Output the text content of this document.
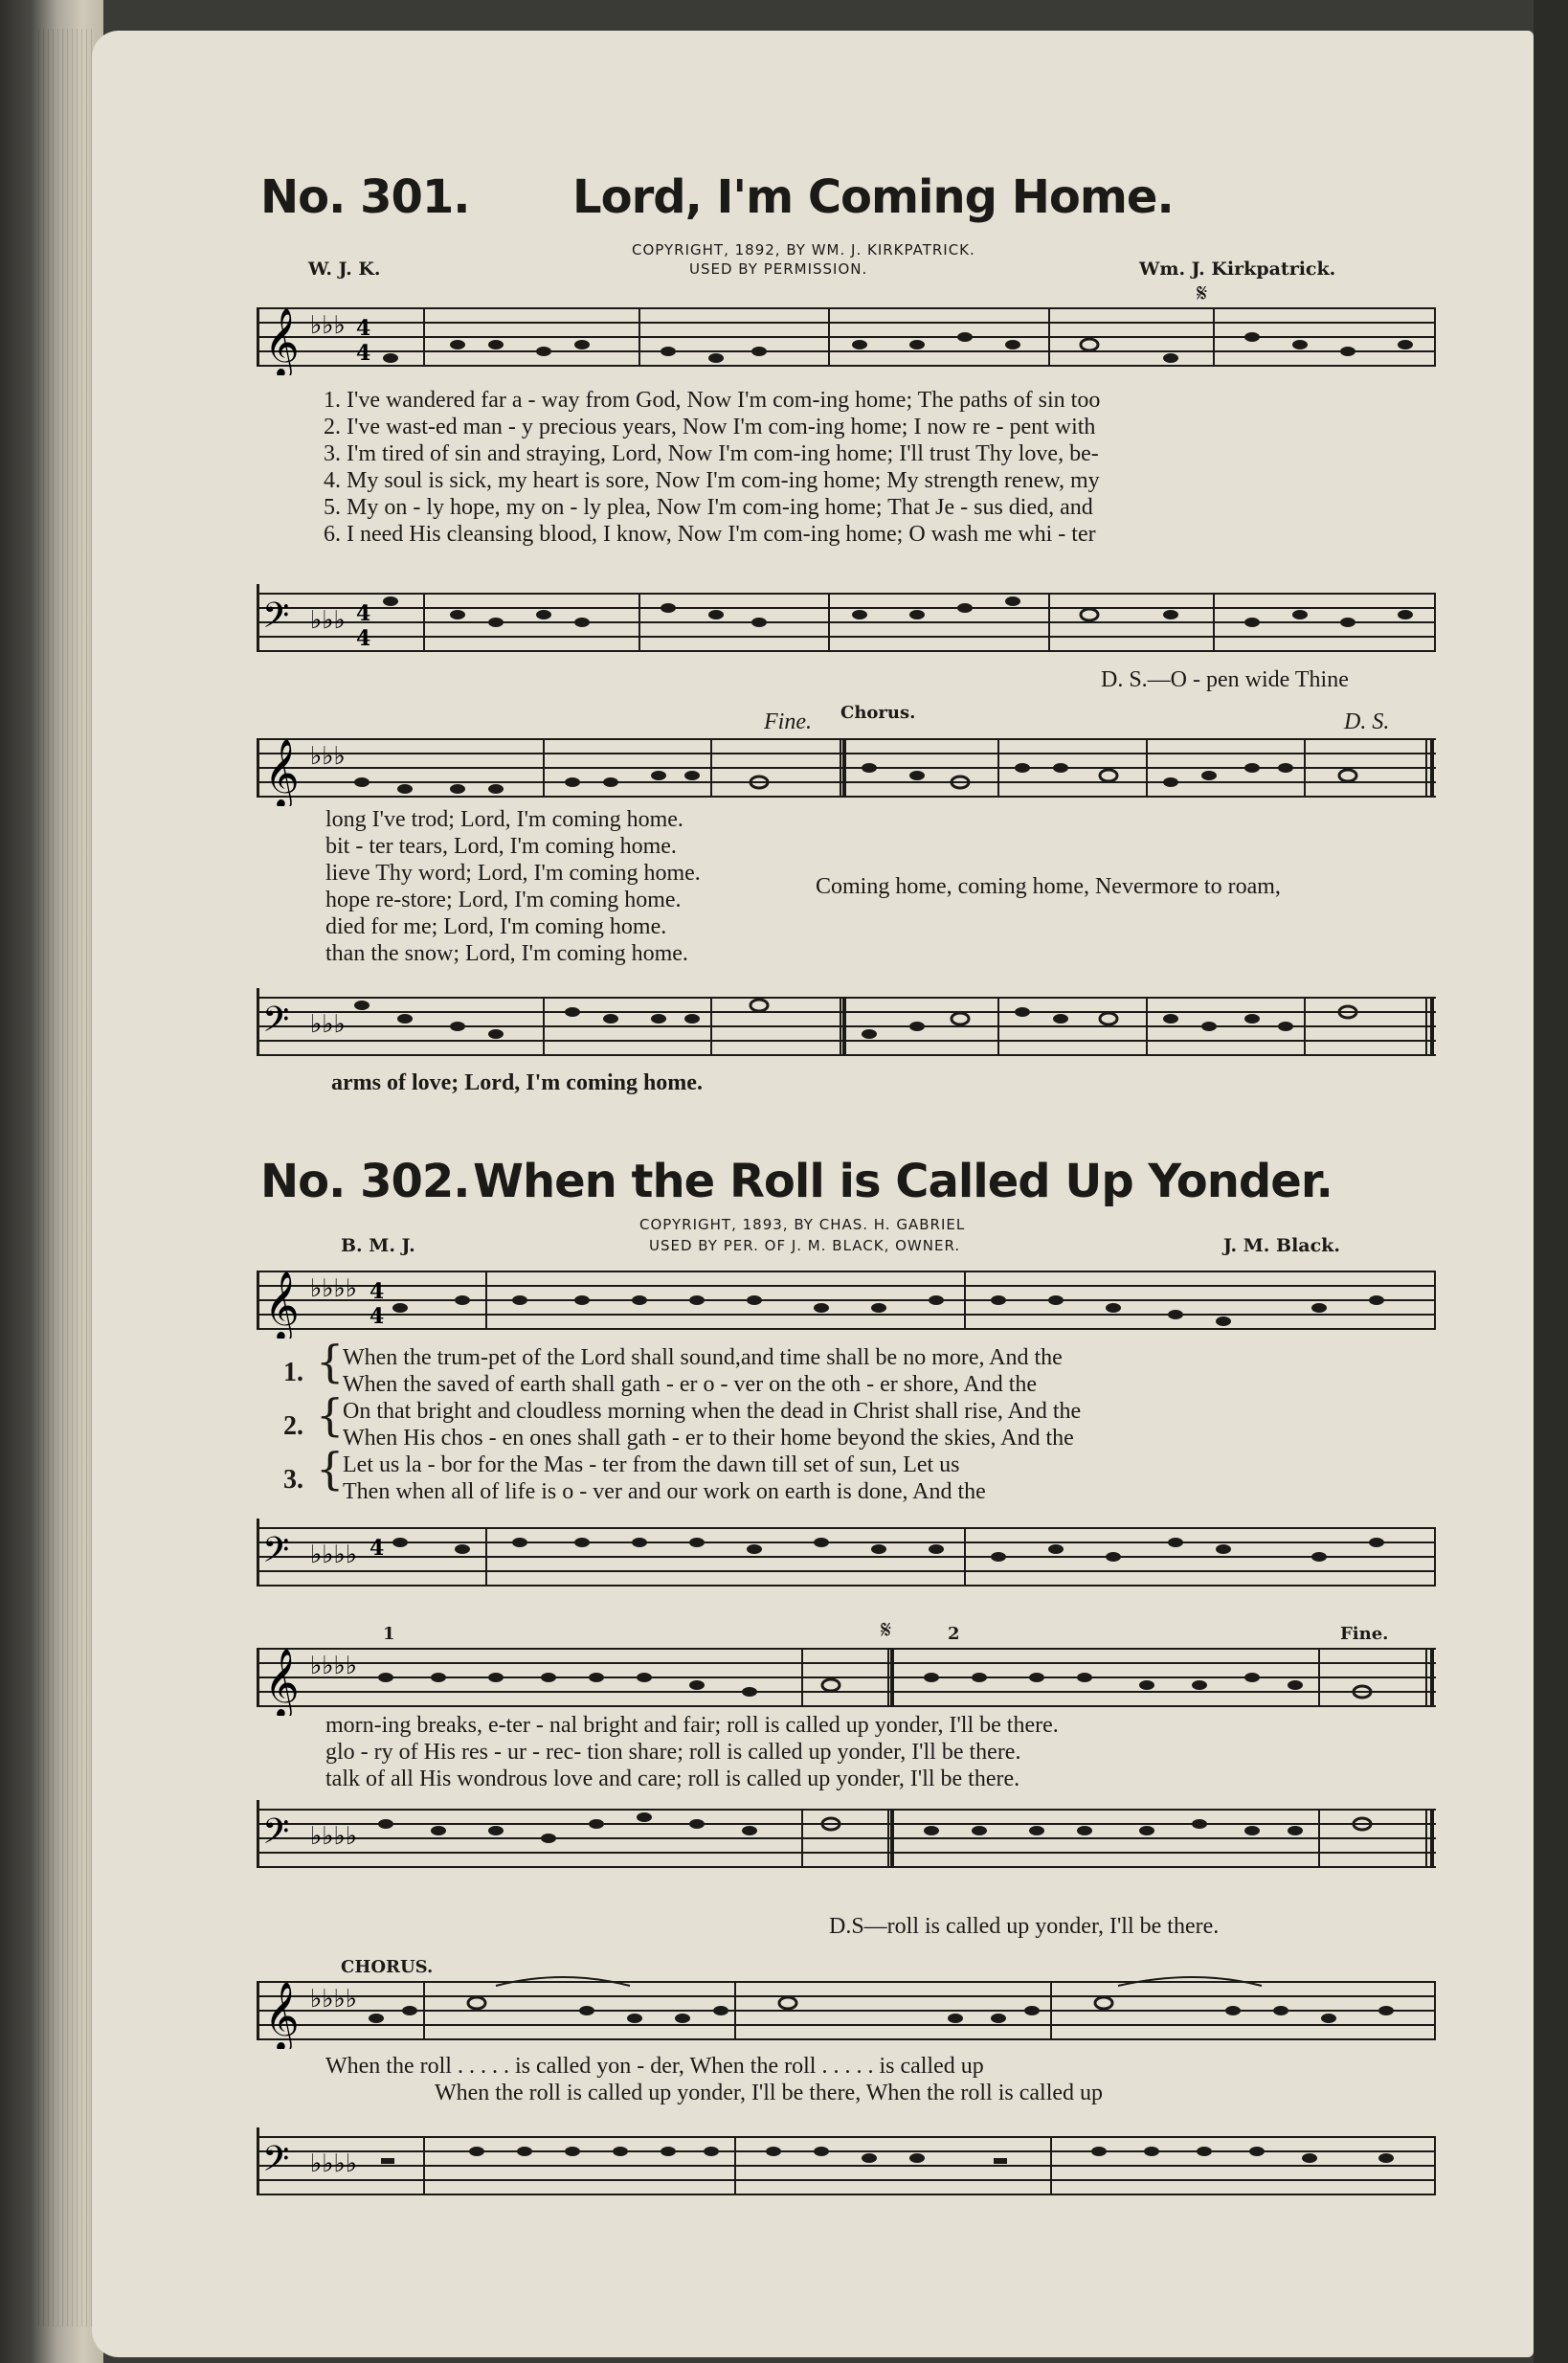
No. 301. Lord, I'm Coming Home.
COPYRIGHT, 1892, BY WM. J. KIRKPATRICK.
USED BY PERMISSION.
W. J. K.	Wm. J. Kirkpatrick.
𝄋
𝄞 ♭♭♭ 4
4
1. I've wandered far a - way from God, Now I'm com-ing home; The paths of sin too
2. I've wast-ed man - y precious years, Now I'm com-ing home; I now re - pent with
3. I'm tired of sin and straying, Lord, Now I'm com-ing home; I'll trust Thy love, be-
4. My soul is sick, my heart is sore, Now I'm com-ing home; My strength renew, my
5. My on - ly hope, my on - ly plea, Now I'm com-ing home; That Je - sus died, and
6. I need His cleansing blood, I know, Now I'm com-ing home; O wash me whi - ter
𝄢 ♭♭♭ 4
4
D. S.—O - pen wide Thine
Fine. Chorus.	D. S.
𝄞 ♭♭♭
long I've trod; Lord, I'm coming home.
bit - ter tears, Lord, I'm coming home.
lieve Thy word; Lord, I'm coming home.
hope re-store; Lord, I'm coming home.
died for me; Lord, I'm coming home.
than the snow; Lord, I'm coming home.
Coming home, coming home, Nevermore to roam,
𝄢 ♭♭♭
arms of love; Lord, I'm coming home.
No. 302. When the Roll is Called Up Yonder.
COPYRIGHT, 1893, BY CHAS. H. GABRIEL
USED BY PER. OF J. M. BLACK, OWNER.
B. M. J.	J. M. Black.
𝄞 ♭♭♭♭ 4
4
1.
2.
3.
{
{
{
When the trum-pet of the Lord shall sound,and time shall be no more, And the
When the saved of earth shall gath - er o - ver on the oth - er shore, And the
On that bright and cloudless morning when the dead in Christ shall rise, And the
When His chos - en ones shall gath - er to their home beyond the skies, And the
Let us la - bor for the Mas - ter from the dawn till set of sun, Let us
Then when all of life is o - ver and our work on earth is done, And the
𝄢 ♭♭♭♭ 4
1	𝄋	2	Fine.
𝄞 ♭♭♭♭
morn-ing breaks, e-ter - nal bright and fair; roll is called up yonder, I'll be there.
glo - ry of His res - ur - rec- tion share; roll is called up yonder, I'll be there.
talk of all His wondrous love and care; roll is called up yonder, I'll be there.
𝄢 ♭♭♭♭
D.S—roll is called up yonder, I'll be there.
CHORUS.
𝄞 ♭♭♭♭
When the roll . . . . . is called yon - der, When the roll . . . . . is called up
When the roll is called up yonder, I'll be there, When the roll is called up
𝄢 ♭♭♭♭
